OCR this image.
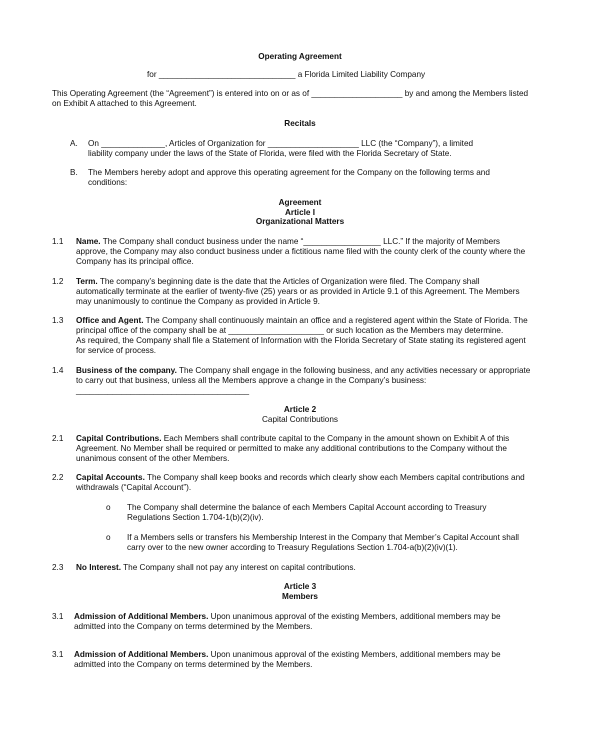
Operating Agreement
for ______________________________ a Florida Limited Liability Company
This Operating Agreement (the “Agreement”) is entered into on or as of ____________________ by and among the Members listed
on Exhibit A attached to this Agreement.
Recitals
A. On ______________, Articles of Organization for ____________________ LLC (the “Company”), a limited
liability company under the laws of the State of Florida, were filed with the Florida Secretary of State.
B. The Members hereby adopt and approve this operating agreement for the Company on the following terms and
conditions:
Agreement
Article I
Organizational Matters
1.1 Name. The Company shall conduct business under the name “_________________ LLC.” If the majority of Members
approve, the Company may also conduct business under a fictitious name filed with the county clerk of the county where the
Company has its principal office.
1.2 Term. The company’s beginning date is the date that the Articles of Organization were filed. The Company shall
automatically terminate at the earlier of twenty-five (25) years or as provided in Article 9.1 of this Agreement. The Members
may unanimously to continue the Company as provided in Article 9.
1.3 Office and Agent. The Company shall continuously maintain an office and a registered agent within the State of Florida. The
principal office of the company shall be at _____________________ or such location as the Members may determine.
As required, the Company shall file a Statement of Information with the Florida Secretary of State stating its registered agent
for service of process.
1.4 Business of the company. The Company shall engage in the following business, and any activities necessary or appropriate
to carry out that business, unless all the Members approve a change in the Company’s business:
______________________________________
Article 2
Capital Contributions
2.1 Capital Contributions. Each Members shall contribute capital to the Company in the amount shown on Exhibit A of this
Agreement. No Member shall be required or permitted to make any additional contributions to the Company without the
unanimous consent of the other Members.
2.2 Capital Accounts. The Company shall keep books and records which clearly show each Members capital contributions and
withdrawals (“Capital Account”).
o The Company shall determine the balance of each Members Capital Account according to Treasury
Regulations Section 1.704-1(b)(2)(iv).
o If a Members sells or transfers his Membership Interest in the Company that Member’s Capital Account shall
carry over to the new owner according to Treasury Regulations Section 1.704-a(b)(2)(iv)(1).
2.3 No Interest. The Company shall not pay any interest on capital contributions.
Article 3
Members
3.1 Admission of Additional Members. Upon unanimous approval of the existing Members, additional members may be
admitted into the Company on terms determined by the Members.
3.1 Admission of Additional Members. Upon unanimous approval of the existing Members, additional members may be
admitted into the Company on terms determined by the Members.
